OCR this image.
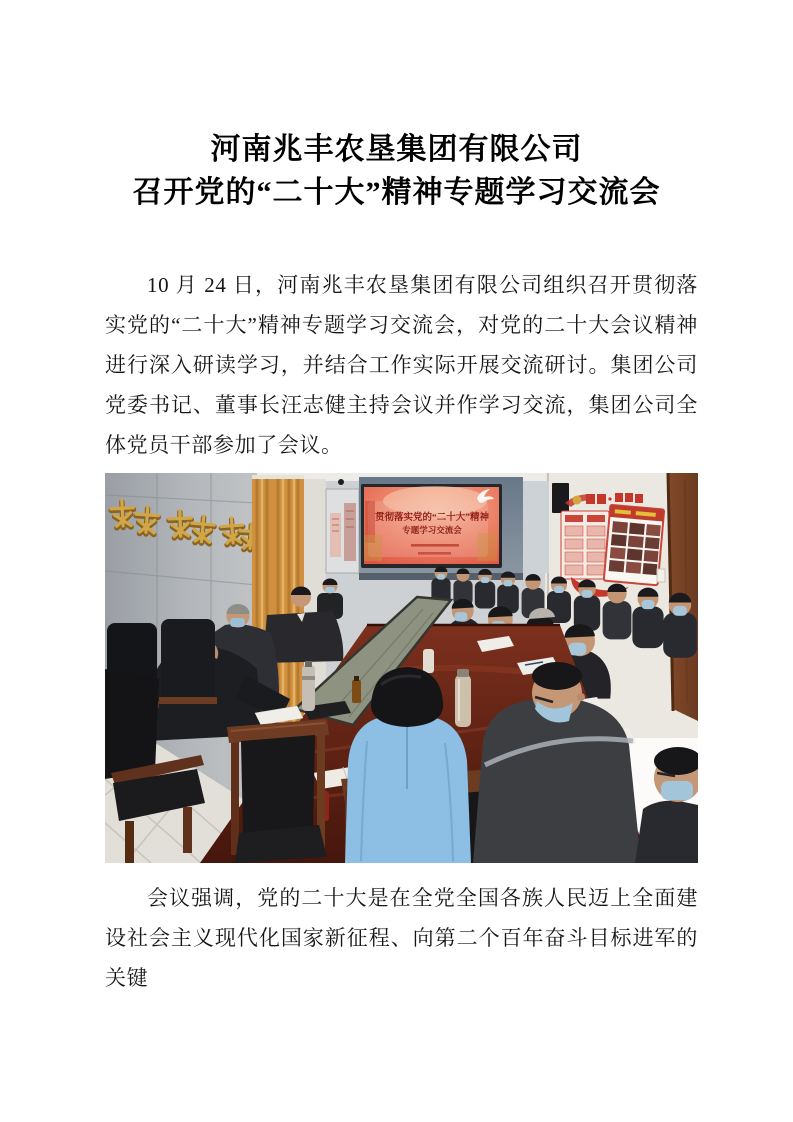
河南兆丰农垦集团有限公司
召开党的“二十大”精神专题学习交流会

10 月 24 日，河南兆丰农垦集团有限公司组织召开贯彻落实党的“二十大”精神专题学习交流会，对党的二十大会议精神进行深入研读学习，并结合工作实际开展交流研讨。集团公司党委书记、董事长汪志健主持会议并作学习交流，集团公司全体党员干部参加了会议。

贯彻落实党的“二十大”精神
专题学习交流会

会议强调，党的二十大是在全党全国各族人民迈上全面建设社会主义现代化国家新征程、向第二个百年奋斗目标进军的关键
